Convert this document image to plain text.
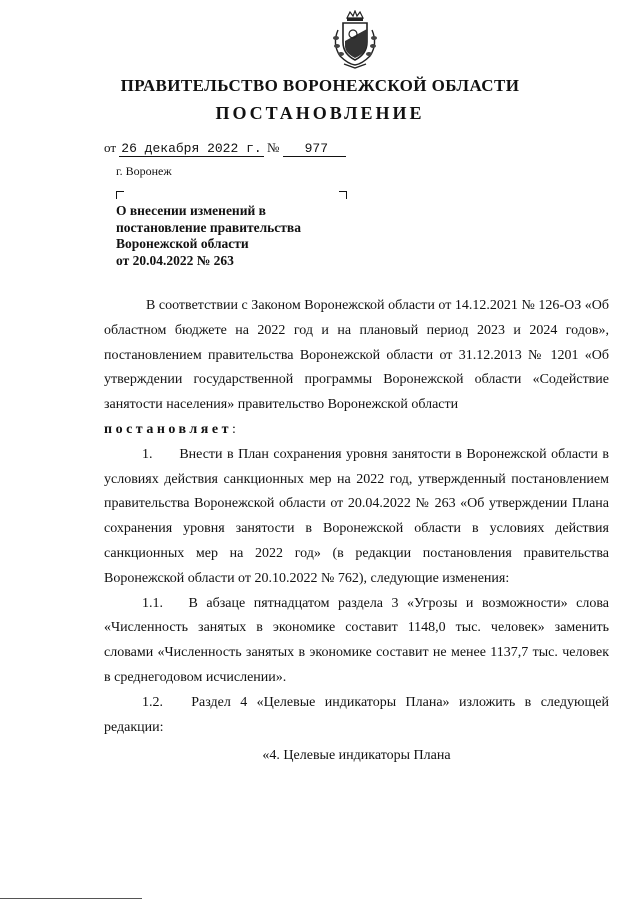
ПРАВИТЕЛЬСТВО ВОРОНЕЖСКОЙ ОБЛАСТИ
ПОСТАНОВЛЕНИЕ
от 26 декабря 2022 г. № 977
г. Воронеж
О внесении изменений в
постановление правительства
Воронежской области
от 20.04.2022 № 263

В соответствии с Законом Воронежской области от 14.12.2021 № 126-ОЗ «Об областном бюджете на 2022 год и на плановый период 2023 и 2024 годов», постановлением правительства Воронежской области от 31.12.2013 № 1201 «Об утверждении государственной программы Воронежской области «Содействие занятости населения» правительство Воронежской области

постановляет:

1.      Внести в План сохранения уровня занятости в Воронежской области в условиях действия санкционных мер на 2022 год, утвержденный постановлением правительства Воронежской области от 20.04.2022 № 263 «Об утверждении Плана сохранения уровня занятости в Воронежской области в условиях действия санкционных мер на 2022 год» (в редакции постановления правительства Воронежской области от 20.10.2022 № 762), следующие изменения:

1.1.   В абзаце пятнадцатом раздела 3 «Угрозы и возможности» слова «Численность занятых в экономике составит 1148,0 тыс. человек» заменить словами «Численность занятых в экономике составит не менее 1137,7 тыс. человек в среднегодовом исчислении».

1.2.   Раздел 4 «Целевые индикаторы Плана» изложить в следующей редакции:

«4. Целевые индикаторы Плана
